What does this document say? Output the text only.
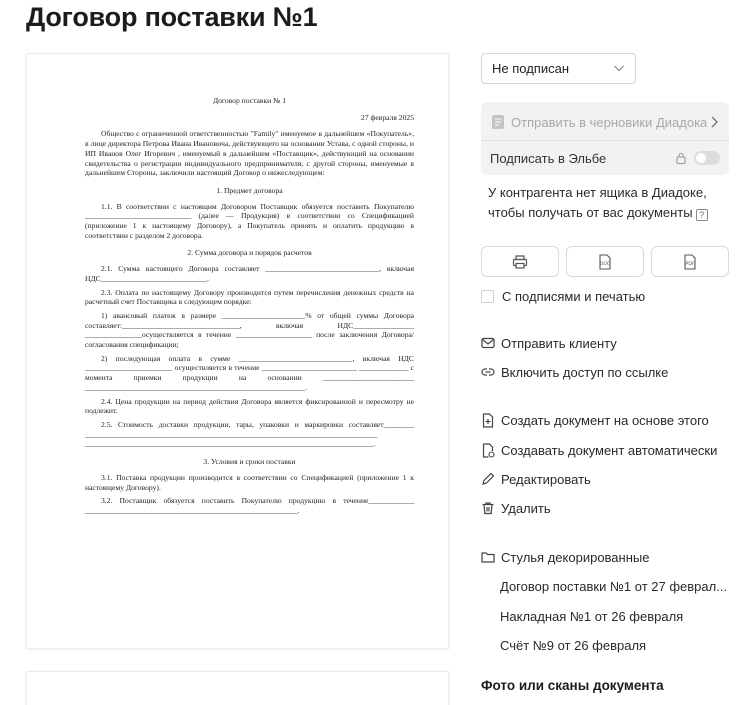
Договор поставки №1
Договор поставки № 1
27 февраля 2025
Общество с ограниченной ответственностью "Family" именуемое в дальнейшем «Покупатель», в лице директора Петрова Ивана Ивановича, действующего на основании Устава, с одной стороны, и ИП Иванов Олег Игоревич , именуемый в дальнейшем «Поставщик», действующий на основании свидетельства о регистрации индивидуального предпринимателя, с другой стороны, именуемые в дальнейшем Стороны, заключили настоящий Договор о нижеследующем:
1. Предмет договора
1.1. В соответствии с настоящим Договором Поставщик обязуется поставить Покупателю ____________________________ (далее — Продукция) в соответствии со Спецификацией (приложение 1 к настоящему Договору), а Покупатель принять и оплатить продукцию в соответствии с разделом 2 договора.
2. Сумма договора и порядок расчетов
2.1. Сумма настоящего Договора составляет ______________________________, включая НДС____________________________.
2.3. Оплата по настоящему Договору производится путем перечисления денежных средств на расчетный счет Поставщика в следующем порядке:
1) авансовый платеж в размере ______________________% от общей суммы Договора составляет:_______________________________, включая НДС________________ _______________осуществляется в течение ____________________ после заключения Договора/согласования спецификации;
2) последующая оплата в сумме ______________________________, включая НДС _______________________ осуществляется в течение _________________________ _____________ с момента приемки продукции на основании ________________________ __________________________________________________________.
2.4. Цена продукции на период действия Договора является фиксированной и пересмотру не подлежит.
2.5. Стоимость доставки продукции, тары, упаковки и маркировки составляет________ _____________________________________________________________________________ ____________________________________________________________________________.
3. Условия и сроки поставки
3.1. Поставка продукции производится в соответствии со Спецификацией (приложение 1 к настоящему Договору).
3.2. Поставщик обязуется поставить Покупателю продукцию в течение____________ ________________________________________________________.
Не подписан
Отправить в черновики Диадока
Подписать в Эльбе
У контрагента нет ящика в Диадоке, чтобы получать от вас документы ?
DOC	PDF
С подписями и печатью
Отправить клиенту
Включить доступ по ссылке
Создать документ на основе этого
Создавать документ автоматически
Редактировать
Удалить
Стулья декорированные
Договор поставки №1 от 27 феврал...
Накладная №1 от 26 февраля
Счёт №9 от 26 февраля
Фото или сканы документа
